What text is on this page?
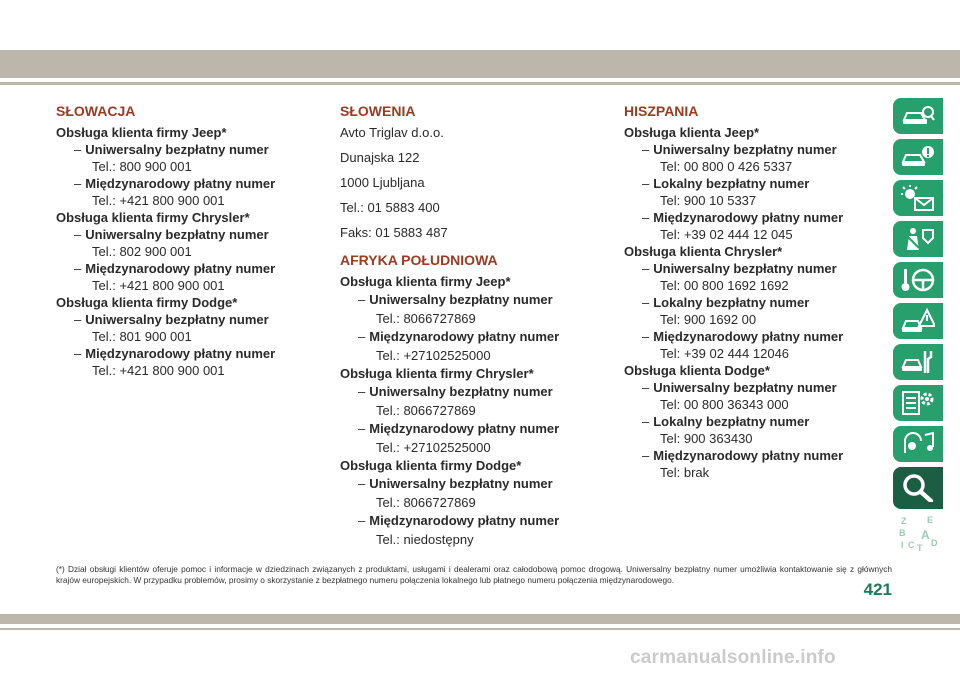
SŁOWACJA

Obsługa klienta firmy Jeep*

– Uniwersalny bezpłatny numer

Tel.: 800 900 001

– Międzynarodowy płatny numer

Tel.: +421 800 900 001

Obsługa klienta firmy Chrysler*

– Uniwersalny bezpłatny numer

Tel.: 802 900 001

– Międzynarodowy płatny numer

Tel.: +421 800 900 001

Obsługa klienta firmy Dodge*

– Uniwersalny bezpłatny numer

Tel.: 801 900 001

– Międzynarodowy płatny numer

Tel.: +421 800 900 001

SŁOWENIA

Avto Triglav d.o.o.

Dunajska 122

1000 Ljubljana

Tel.: 01 5883 400

Faks: 01 5883 487

AFRYKA POŁUDNIOWA

Obsługa klienta firmy Jeep*

– Uniwersalny bezpłatny numer

Tel.: 8066727869

– Międzynarodowy płatny numer

Tel.: +27102525000

Obsługa klienta firmy Chrysler*

– Uniwersalny bezpłatny numer

Tel.: 8066727869

– Międzynarodowy płatny numer

Tel.: +27102525000

Obsługa klienta firmy Dodge*

– Uniwersalny bezpłatny numer

Tel.: 8066727869

– Międzynarodowy płatny numer

Tel.: niedostępny

HISZPANIA

Obsługa klienta Jeep*

– Uniwersalny bezpłatny numer

Tel: 00 800 0 426 5337

– Lokalny bezpłatny numer

Tel: 900 10 5337

– Międzynarodowy płatny numer

Tel: +39 02 444 12 045

Obsługa klienta Chrysler*

– Uniwersalny bezpłatny numer

Tel: 00 800 1692 1692

– Lokalny bezpłatny numer

Tel: 900 1692 00

– Międzynarodowy płatny numer

Tel: +39 02 444 12046

Obsługa klienta Dodge*

– Uniwersalny bezpłatny numer

Tel: 00 800 36343 000

– Lokalny bezpłatny numer

Tel: 900 363430

– Międzynarodowy płatny numer

Tel: brak

Z E
B
C
A
D
I T

(*) Dział obsługi klientów oferuje pomoc i informacje w dziedzinach związanych z produktami, usługami i dealerami oraz całodobową pomoc drogową. Uniwersalny bezpłatny numer umożliwia kontaktowanie się z głównych krajów europejskich. W przypadku problemów, prosimy o skorzystanie z bezpłatnego numeru połączenia lokalnego lub płatnego numeru połączenia międzynarodowego.	421
carmanualsonline.info
